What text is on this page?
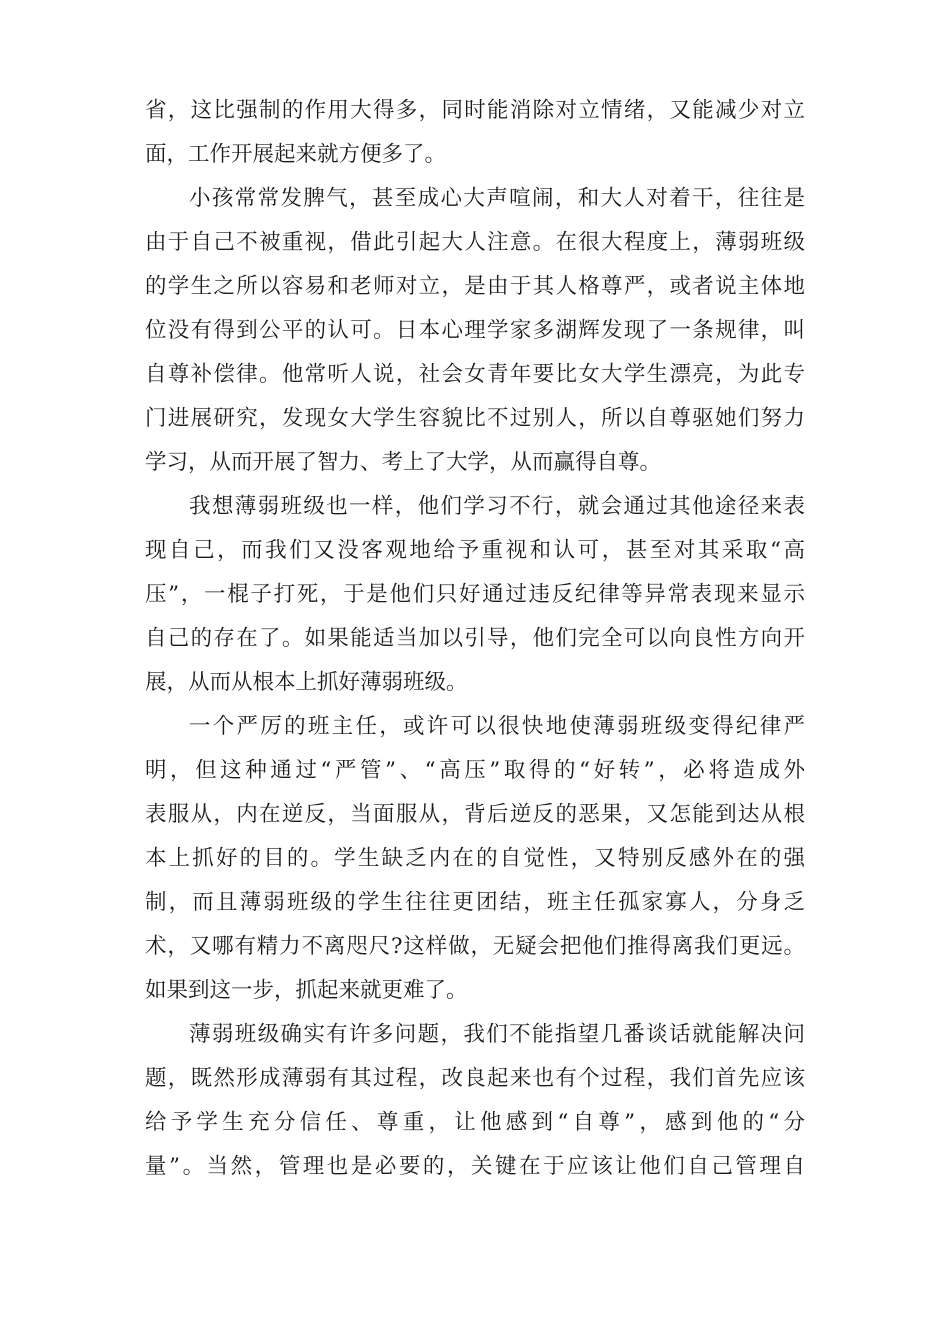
省，这比强制的作用大得多，同时能消除对立情绪，又能减少对立
面，工作开展起来就方便多了。
小孩常常发脾气，甚至成心大声喧闹，和大人对着干，往往是
由于自己不被重视，借此引起大人注意。在很大程度上，薄弱班级
的学生之所以容易和老师对立，是由于其人格尊严，或者说主体地
位没有得到公平的认可。日本心理学家多湖辉发现了一条规律，叫
自尊补偿律。他常听人说，社会女青年要比女大学生漂亮，为此专
门进展研究，发现女大学生容貌比不过别人，所以自尊驱她们努力
学习，从而开展了智力、考上了大学，从而赢得自尊。
我想薄弱班级也一样，他们学习不行，就会通过其他途径来表
现自己，而我们又没客观地给予重视和认可，甚至对其采取“高
压”，一棍子打死，于是他们只好通过违反纪律等异常表现来显示
自己的存在了。如果能适当加以引导，他们完全可以向良性方向开
展，从而从根本上抓好薄弱班级。
一个严厉的班主任，或许可以很快地使薄弱班级变得纪律严
明，但这种通过“严管”、“高压”取得的“好转”，必将造成外
表服从，内在逆反，当面服从，背后逆反的恶果，又怎能到达从根
本上抓好的目的。学生缺乏内在的自觉性，又特别反感外在的强
制，而且薄弱班级的学生往往更团结，班主任孤家寡人，分身乏
术，又哪有精力不离咫尺?这样做，无疑会把他们推得离我们更远。
如果到这一步，抓起来就更难了。
薄弱班级确实有许多问题，我们不能指望几番谈话就能解决问
题，既然形成薄弱有其过程，改良起来也有个过程，我们首先应该
给予学生充分信任、尊重，让他感到“自尊”，感到他的“分
量”。当然，管理也是必要的，关键在于应该让他们自己管理自
